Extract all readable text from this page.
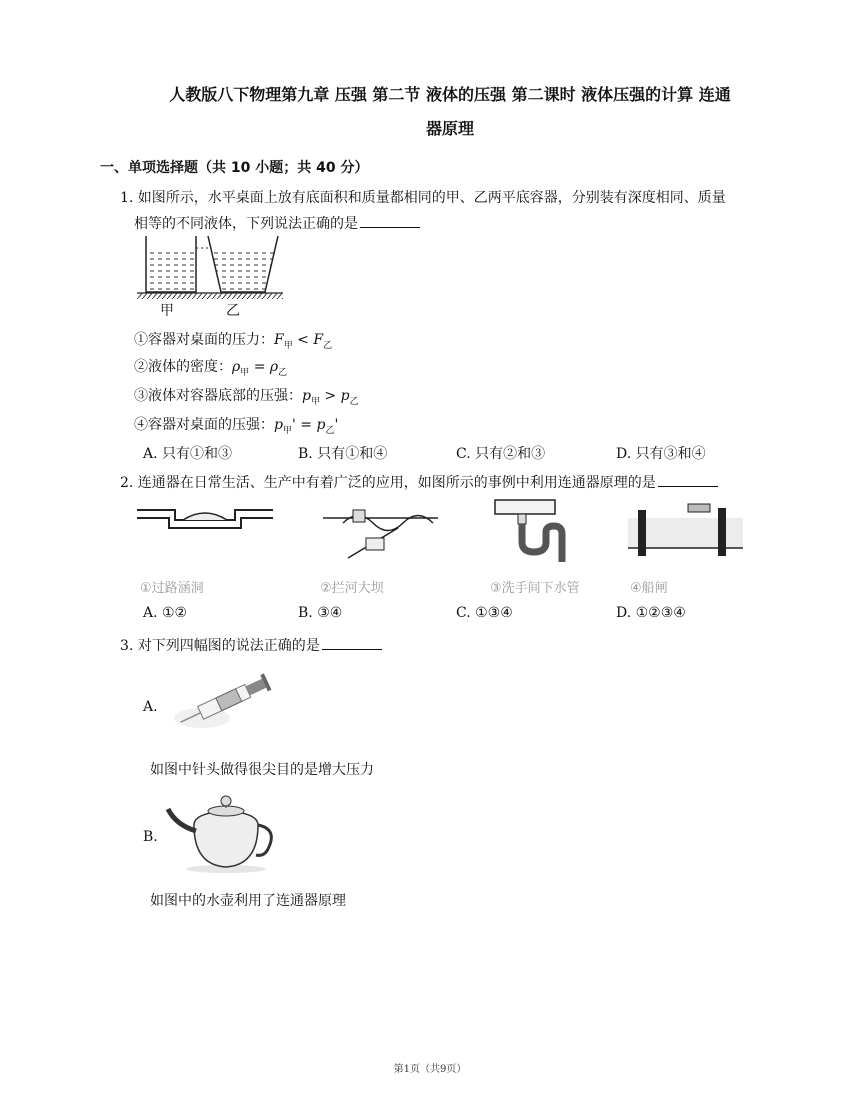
人教版八下物理第九章 压强 第二节 液体的压强 第二课时 液体压强的计算 连通
器原理
一、单项选择题（共 10 小题；共 40 分）
1. 如图所示，水平桌面上放有底面积和质量都相同的甲、乙两平底容器，分别装有深度相同、质量
相等的不同液体，下列说法正确的是
甲	乙
①容器对桌面的压力：$F_甲 < F_乙$
②液体的密度：$\rho_甲 = \rho_乙$
③液体对容器底部的压强：$p_甲 > p_乙$
④容器对桌面的压强：$p_甲' = p_乙'$
A. 只有①和③	B. 只有①和④	C. 只有②和③	D. 只有③和④
2. 连通器在日常生活、生产中有着广泛的应用，如图所示的事例中利用连通器原理的是
①过路涵洞	②拦河大坝	③洗手间下水管	④船闸
A. ①②	B. ③④	C. ①③④	D. ①②③④
3. 对下列四幅图的说法正确的是
A.
如图中针头做得很尖目的是增大压力
B.
如图中的水壶利用了连通器原理
第1页（共9页）
